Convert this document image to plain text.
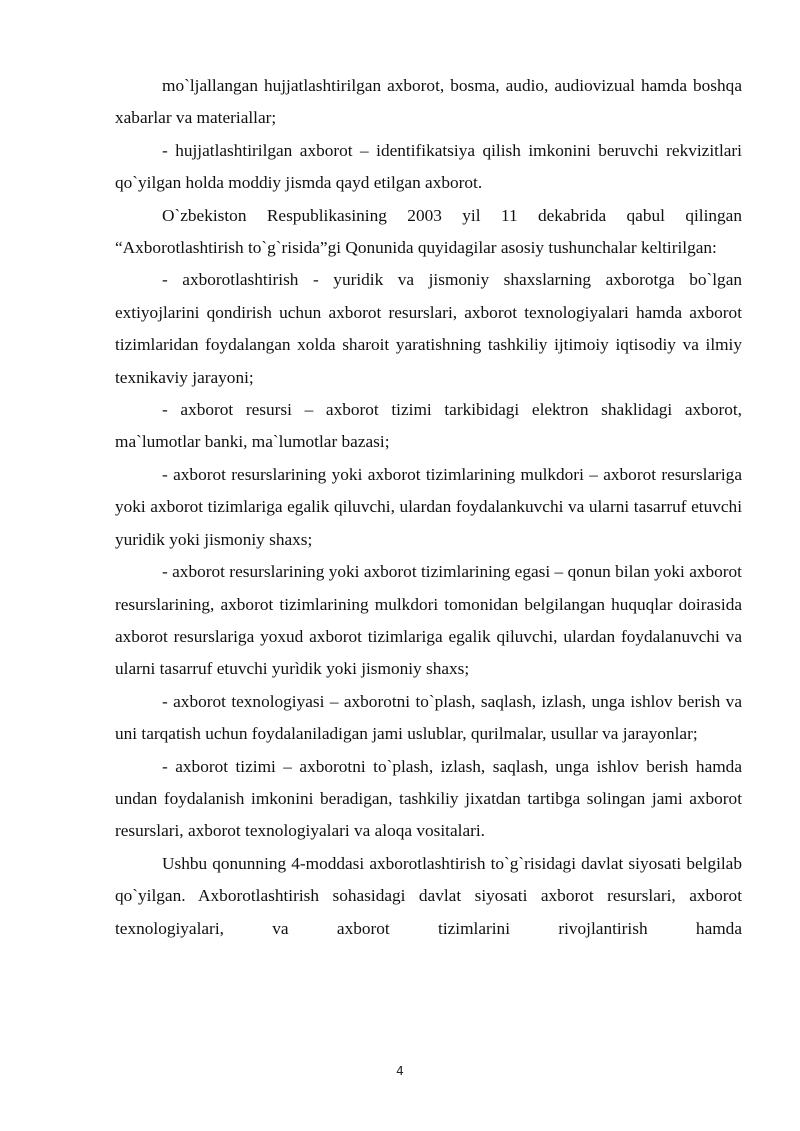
mo`ljallangan hujjatlashtirilgan axborot, bosma, audio, audiovizual hamda boshqa xabarlar va materiallar;

- hujjatlashtirilgan axborot – identifikatsiya qilish imkonini beruvchi rekvizitlari qo`yilgan holda moddiy jismda qayd etilgan axborot.

O`zbekiston Respublikasining 2003 yil 11 dekabrida qabul qilingan “Axborotlashtirish to`g`risida”gi Qonunida quyidagilar asosiy tushunchalar keltirilgan:

- axborotlashtirish - yuridik va jismoniy shaxslarning axborotga bo`lgan extiyojlarini qondirish uchun axborot resurslari, axborot texnologiyalari hamda axborot tizimlaridan foydalangan xolda sharoit yaratishning tashkiliy ijtimoiy iqtisodiy va ilmiy texnikaviy jarayoni;

- axborot resursi – axborot tizimi tarkibidagi elektron shaklidagi axborot, ma`lumotlar banki, ma`lumotlar bazasi;

- axborot resurslarining yoki axborot tizimlarining mulkdori – axborot resurslariga yoki axborot tizimlariga egalik qiluvchi, ulardan foydalankuvchi va ularni tasarruf etuvchi yuridik yoki jismoniy shaxs;

- axborot resurslarining yoki axborot tizimlarining egasi – qonun bilan yoki axborot resurslarining, axborot tizimlarining mulkdori tomonidan belgilangan huquqlar doirasida axborot resurslariga yoxud axborot tizimlariga egalik qiluvchi, ulardan foydalanuvchi va ularni tasarruf etuvchi yurìdik yoki jismoniy shaxs;

- axborot texnologiyasi – axborotni to`plash, saqlash, izlash, unga ishlov berish va uni tarqatish uchun foydalaniladigan jami uslublar, qurilmalar, usullar va jarayonlar;

- axborot tizimi – axborotni to`plash, izlash, saqlash, unga ishlov berish hamda undan foydalanish imkonini beradigan, tashkiliy jixatdan tartibga solingan jami axborot resurslari, axborot texnologiyalari va aloqa vositalari.

Ushbu qonunning 4-moddasi axborotlashtirish to`g`risidagi davlat siyosati belgilab qo`yilgan. Axborotlashtirish sohasidagi davlat siyosati axborot resurslari, axborot texnologiyalari, va axborot tizimlarini rivojlantirish hamda

4
